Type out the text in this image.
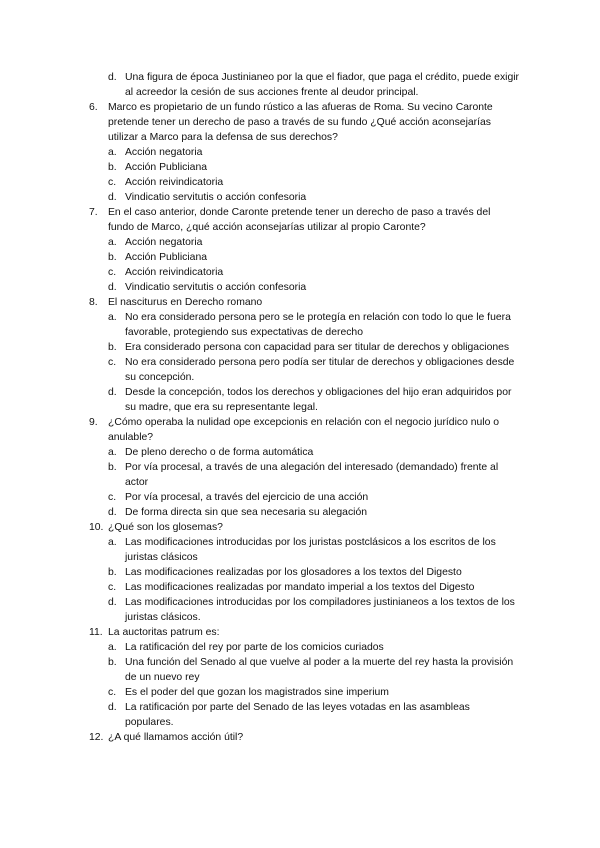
d. Una figura de época Justinianeo por la que el fiador, que paga el crédito, puede exigir al acreedor la cesión de sus acciones frente al deudor principal.
6. Marco es propietario de un fundo rústico a las afueras de Roma. Su vecino Caronte pretende tener un derecho de paso a través de su fundo ¿Qué acción aconsejarías utilizar a Marco para la defensa de sus derechos?
a. Acción negatoria
b. Acción Publiciana
c. Acción reivindicatoria
d. Vindicatio servitutis o acción confesoria
7. En el caso anterior, donde Caronte pretende tener un derecho de paso a través del fundo de Marco, ¿qué acción aconsejarías utilizar al propio Caronte?
a. Acción negatoria
b. Acción Publiciana
c. Acción reivindicatoria
d. Vindicatio servitutis o acción confesoria
8. El nasciturus en Derecho romano
a. No era considerado persona pero se le protegía en relación con todo lo que le fuera favorable, protegiendo sus expectativas de derecho
b. Era considerado persona con capacidad para ser titular de derechos y obligaciones
c. No era considerado persona pero podía ser titular de derechos y obligaciones desde su concepción.
d. Desde la concepción, todos los derechos y obligaciones del hijo eran adquiridos por su madre, que era su representante legal.
9. ¿Cómo operaba la nulidad ope excepcionis en relación con el negocio jurídico nulo o anulable?
a. De pleno derecho o de forma automática
b. Por vía procesal, a través de una alegación del interesado (demandado) frente al actor
c. Por vía procesal, a través del ejercicio de una acción
d. De forma directa sin que sea necesaria su alegación
10. ¿Qué son los glosemas?
a. Las modificaciones introducidas por los juristas postclásicos a los escritos de los juristas clásicos
b. Las modificaciones realizadas por los glosadores a los textos del Digesto
c. Las modificaciones realizadas por mandato imperial a los textos del Digesto
d. Las modificaciones introducidas por los compiladores justinianeos a los textos de los juristas clásicos.
11. La auctoritas patrum es:
a. La ratificación del rey por parte de los comicios curiados
b. Una función del Senado al que vuelve al poder a la muerte del rey hasta la provisión de un nuevo rey
c. Es el poder del que gozan los magistrados sine imperium
d. La ratificación por parte del Senado de las leyes votadas en las asambleas populares.
12. ¿A qué llamamos acción útil?
